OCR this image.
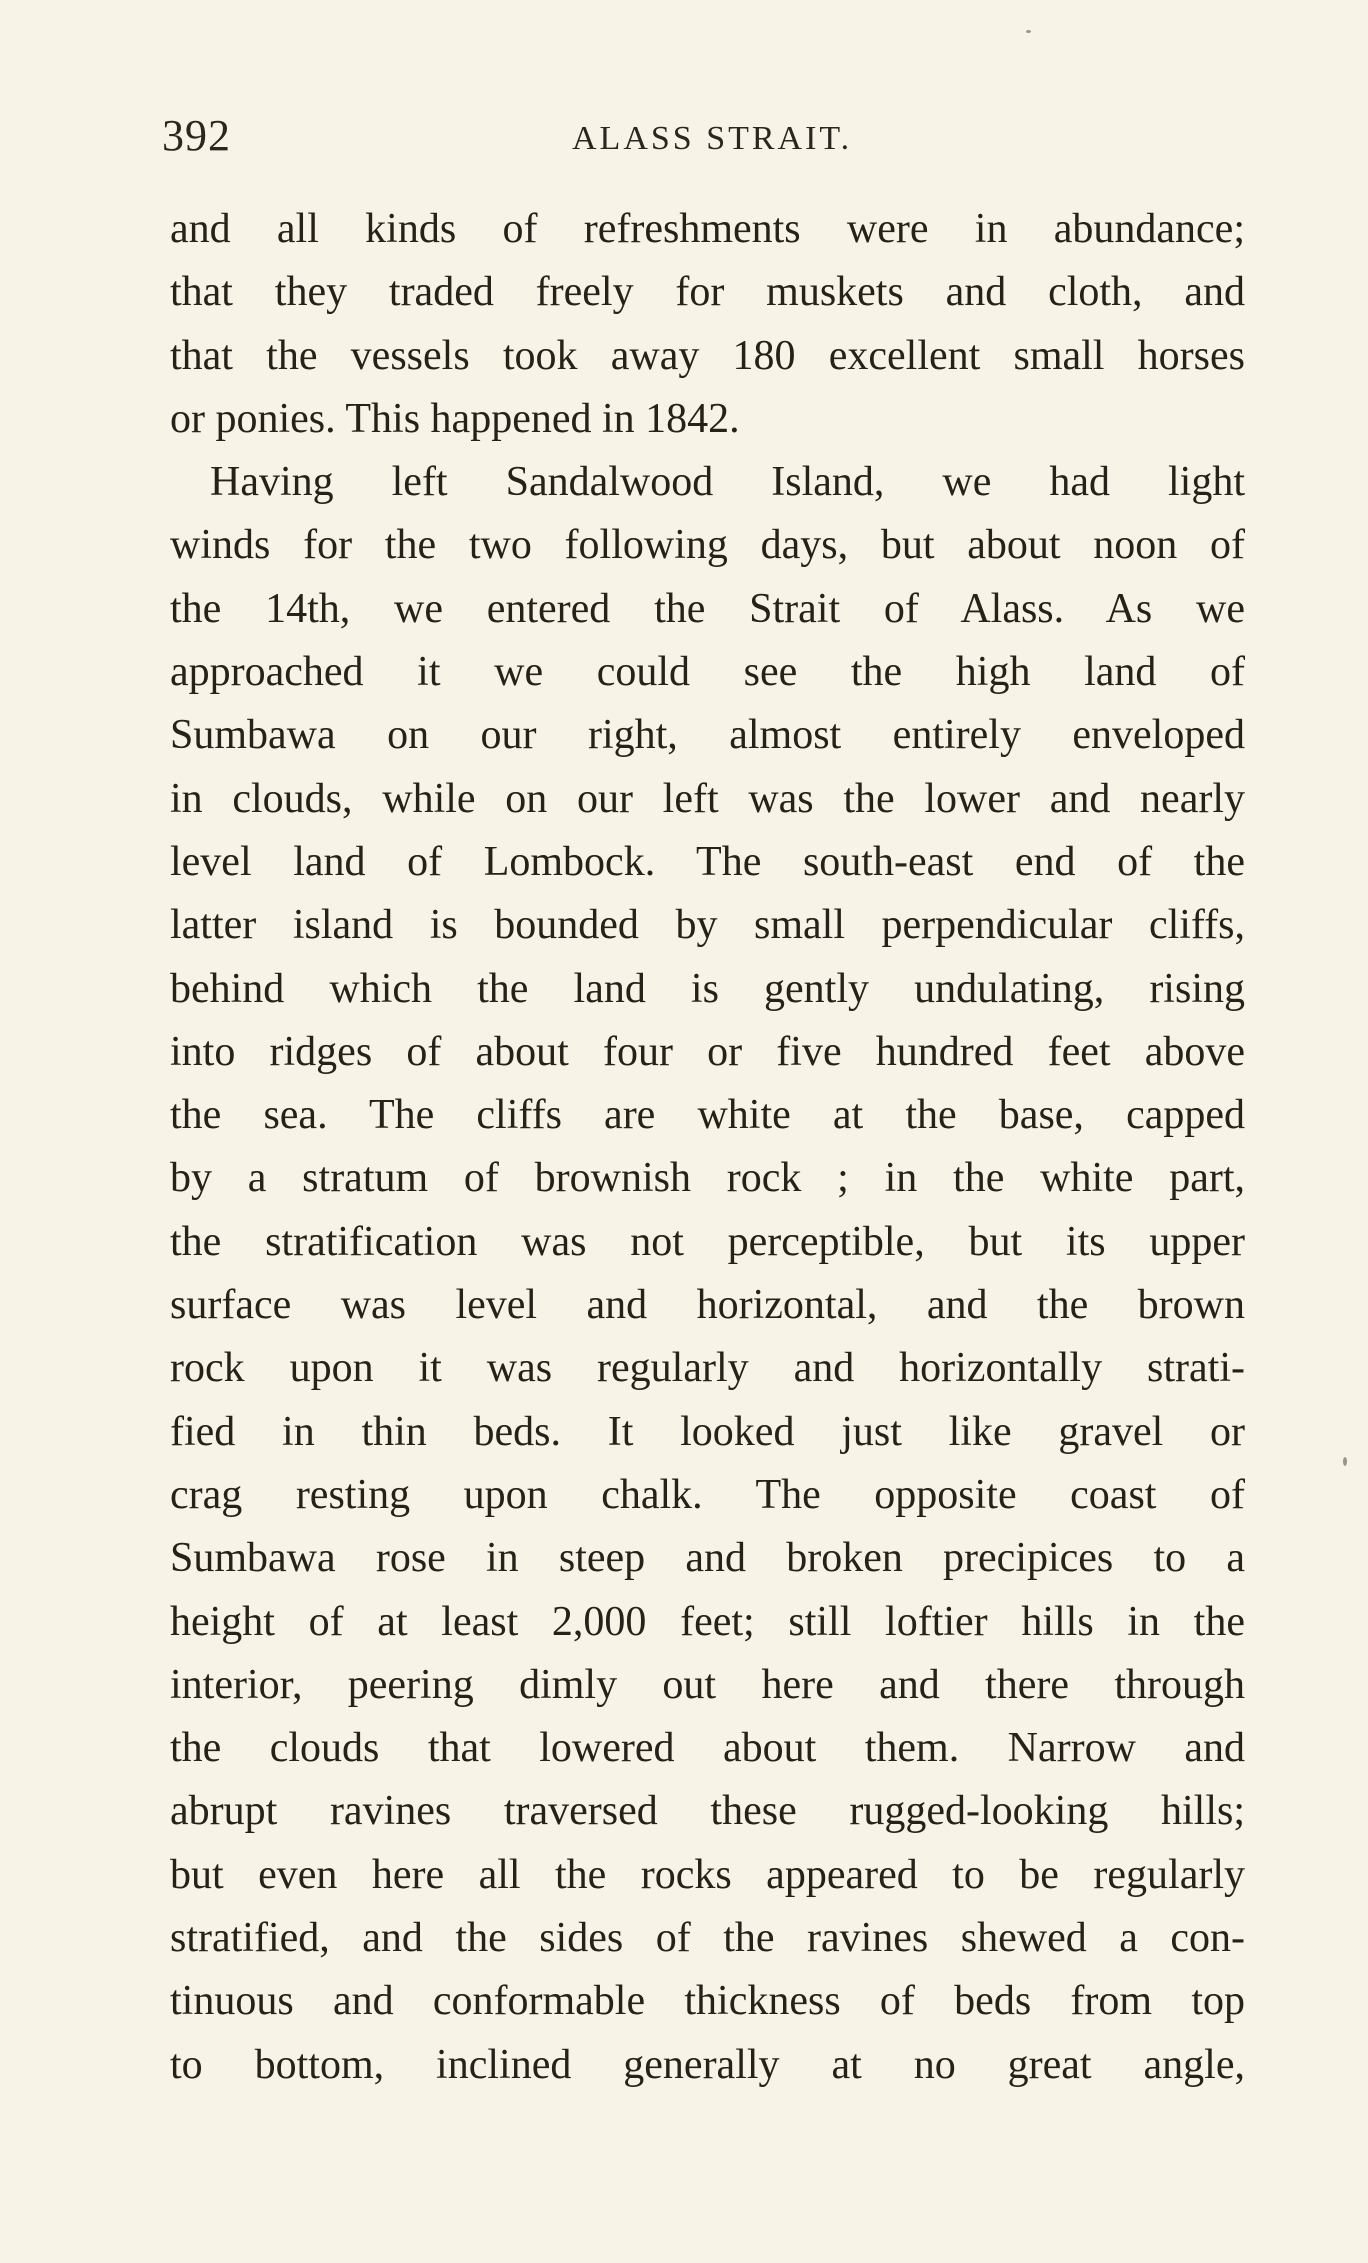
392	ALASS STRAIT.
and all kinds of refreshments were in abundance;
that they traded freely for muskets and cloth, and
that the vessels took away 180 excellent small horses
or ponies. This happened in 1842.
Having left Sandalwood Island, we had light
winds for the two following days, but about noon of
the 14th, we entered the Strait of Alass. As we
approached it we could see the high land of
Sumbawa on our right, almost entirely enveloped
in clouds, while on our left was the lower and nearly
level land of Lombock. The south-east end of the
latter island is bounded by small perpendicular cliffs,
behind which the land is gently undulating, rising
into ridges of about four or five hundred feet above
the sea. The cliffs are white at the base, capped
by a stratum of brownish rock ; in the white part,
the stratification was not perceptible, but its upper
surface was level and horizontal, and the brown
rock upon it was regularly and horizontally strati-
fied in thin beds. It looked just like gravel or
crag resting upon chalk. The opposite coast of
Sumbawa rose in steep and broken precipices to a
height of at least 2,000 feet; still loftier hills in the
interior, peering dimly out here and there through
the clouds that lowered about them. Narrow and
abrupt ravines traversed these rugged-looking hills;
but even here all the rocks appeared to be regularly
stratified, and the sides of the ravines shewed a con-
tinuous and conformable thickness of beds from top
to bottom, inclined generally at no great angle,
